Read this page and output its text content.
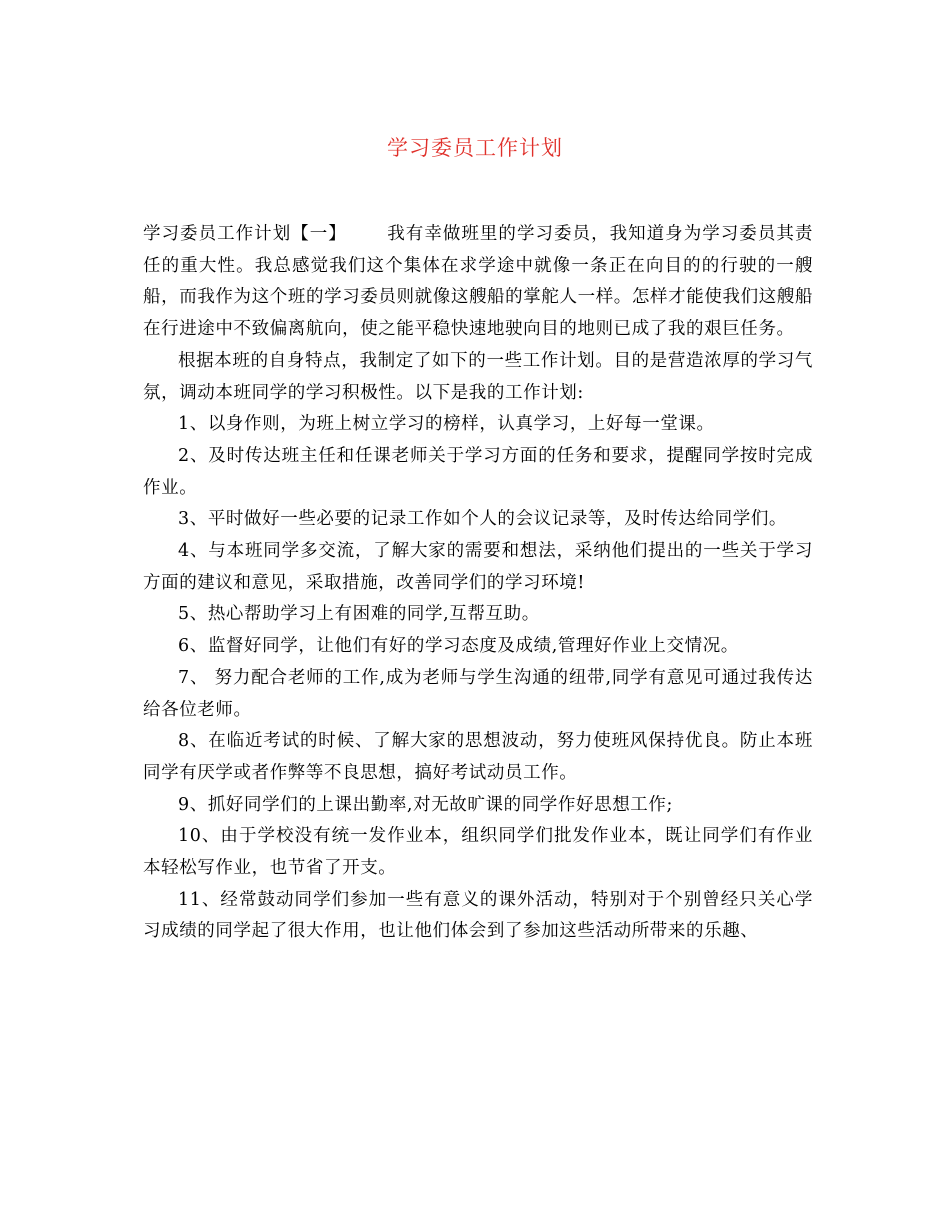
学习委员工作计划

学习委员工作计划【一】 我有幸做班里的学习委员，我知道身为学习委员其责任的重大性。我总感觉我们这个集体在求学途中就像一条正在向目的的行驶的一艘船，而我作为这个班的学习委员则就像这艘船的掌舵人一样。怎样才能使我们这艘船在行进途中不致偏离航向，使之能平稳快速地驶向目的地则已成了我的艰巨任务。

根据本班的自身特点，我制定了如下的一些工作计划。目的是营造浓厚的学习气氛，调动本班同学的学习积极性。以下是我的工作计划:

1、以身作则，为班上树立学习的榜样，认真学习，上好每一堂课。

2、及时传达班主任和任课老师关于学习方面的任务和要求，提醒同学按时完成作业。

3、平时做好一些必要的记录工作如个人的会议记录等，及时传达给同学们。

4、与本班同学多交流，了解大家的需要和想法，采纳他们提出的一些关于学习方面的建议和意见，采取措施，改善同学们的学习环境!

5、热心帮助学习上有困难的同学,互帮互助。

6、监督好同学，让他们有好的学习态度及成绩,管理好作业上交情况。

7、 努力配合老师的工作,成为老师与学生沟通的纽带,同学有意见可通过我传达给各位老师。

8、在临近考试的时候、了解大家的思想波动，努力使班风保持优良。防止本班同学有厌学或者作弊等不良思想，搞好考试动员工作。

9、抓好同学们的上课出勤率,对无故旷课的同学作好思想工作;

10、由于学校没有统一发作业本，组织同学们批发作业本，既让同学们有作业本轻松写作业，也节省了开支。

11、经常鼓动同学们参加一些有意义的课外活动，特别对于个别曾经只关心学习成绩的同学起了很大作用，也让他们体会到了参加这些活动所带来的乐趣、
